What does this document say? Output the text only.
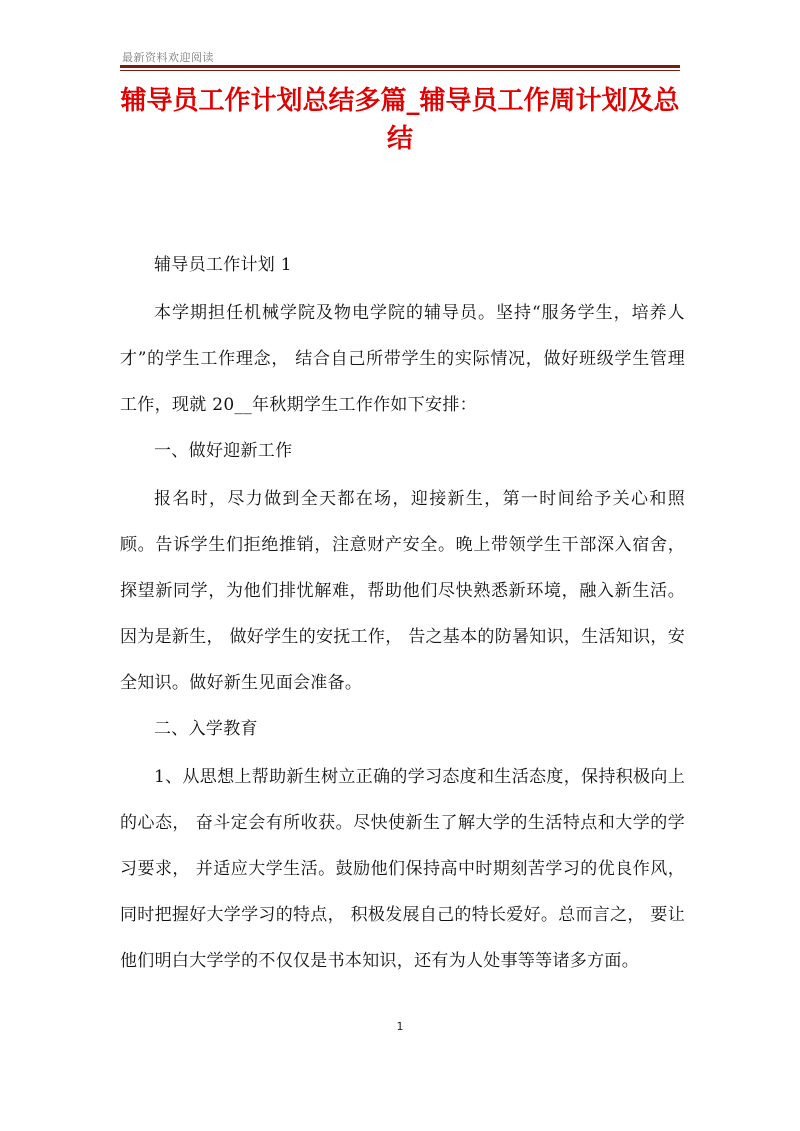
最新资料欢迎阅读
辅导员工作计划总结多篇_辅导员工作周计划及总结

辅导员工作计划 1

本学期担任机械学院及物电学院的辅导员。坚持“服务学生，培养人才”的学生工作理念， 结合自己所带学生的实际情况，做好班级学生管理工作，现就 20__年秋期学生工作作如下安排：

一、做好迎新工作

报名时，尽力做到全天都在场，迎接新生，第一时间给予关心和照顾。告诉学生们拒绝推销，注意财产安全。晚上带领学生干部深入宿舍，探望新同学，为他们排忧解难，帮助他们尽快熟悉新环境，融入新生活。因为是新生， 做好学生的安抚工作， 告之基本的防暑知识，生活知识，安全知识。做好新生见面会准备。

二、入学教育

1、从思想上帮助新生树立正确的学习态度和生活态度，保持积极向上的心态， 奋斗定会有所收获。尽快使新生了解大学的生活特点和大学的学习要求， 并适应大学生活。鼓励他们保持高中时期刻苦学习的优良作风， 同时把握好大学学习的特点， 积极发展自己的特长爱好。总而言之， 要让他们明白大学学的不仅仅是书本知识，还有为人处事等等诸多方面。

1
